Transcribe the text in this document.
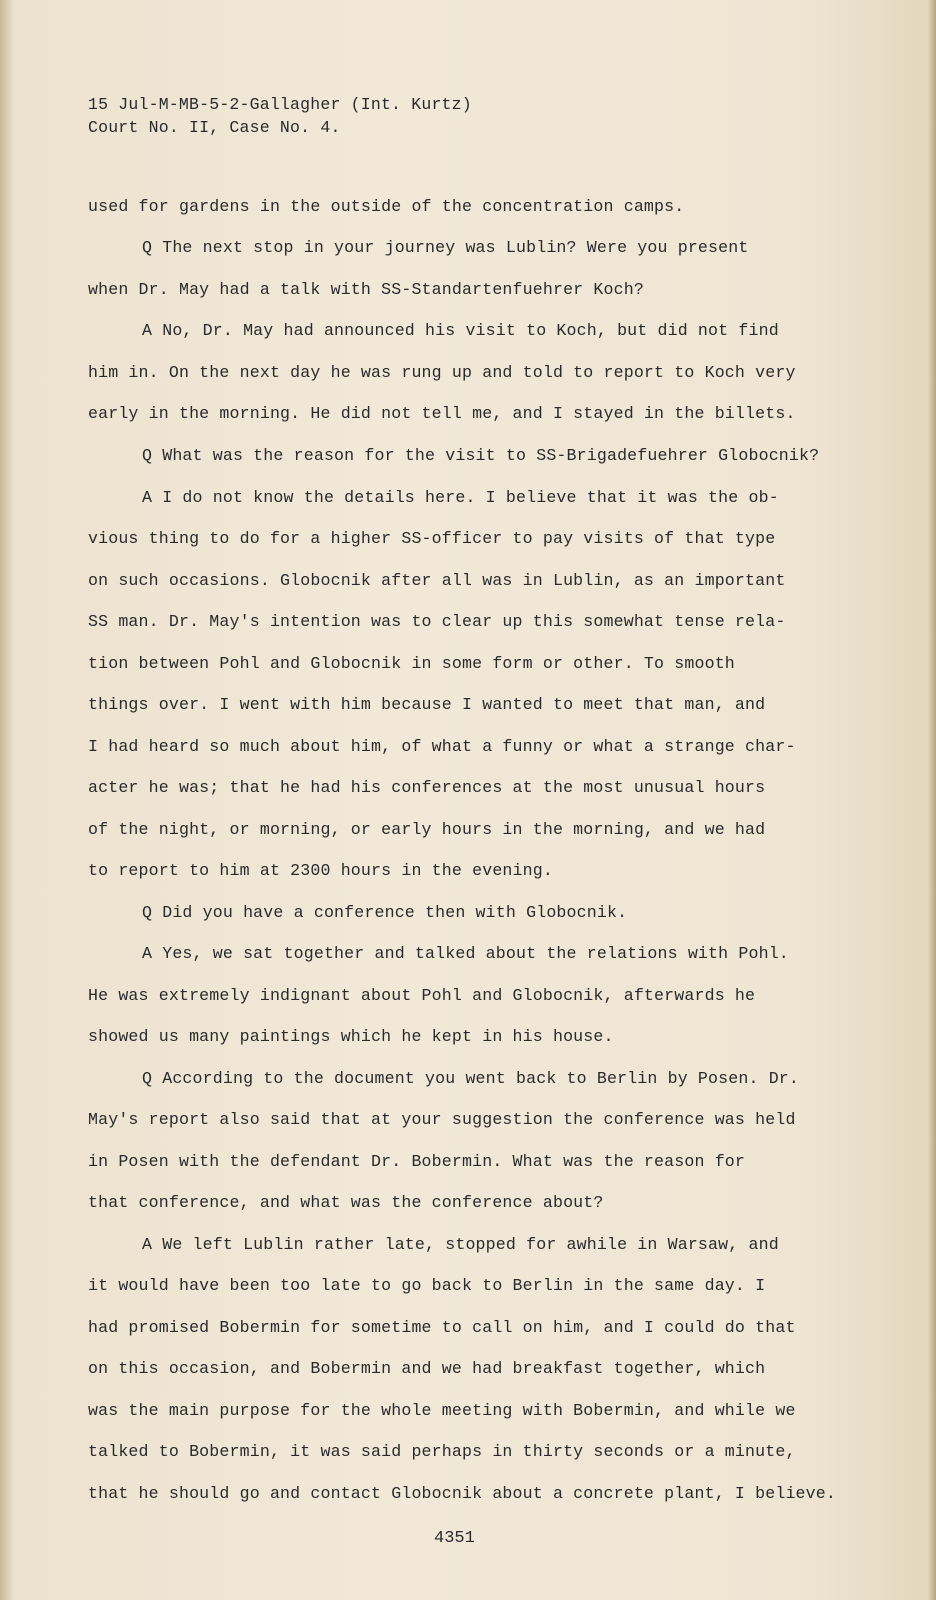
15 Jul-M-MB-5-2-Gallagher (Int. Kurtz)
Court No. II, Case No. 4.
used for gardens in the outside of the concentration camps.
Q The next stop in your journey was Lublin? Were you present
when Dr. May had a talk with SS-Standartenfuehrer Koch?
A No, Dr. May had announced his visit to Koch, but did not find
him in. On the next day he was rung up and told to report to Koch very
early in the morning. He did not tell me, and I stayed in the billets.
Q What was the reason for the visit to SS-Brigadefuehrer Globocnik?
A I do not know the details here. I believe that it was the ob-
vious thing to do for a higher SS-officer to pay visits of that type
on such occasions. Globocnik after all was in Lublin, as an important
SS man. Dr. May's intention was to clear up this somewhat tense rela-
tion between Pohl and Globocnik in some form or other. To smooth
things over. I went with him because I wanted to meet that man, and
I had heard so much about him, of what a funny or what a strange char-
acter he was; that he had his conferences at the most unusual hours
of the night, or morning, or early hours in the morning, and we had
to report to him at 2300 hours in the evening.
Q Did you have a conference then with Globocnik.
A Yes, we sat together and talked about the relations with Pohl.
He was extremely indignant about Pohl and Globocnik, afterwards he
showed us many paintings which he kept in his house.
Q According to the document you went back to Berlin by Posen. Dr.
May's report also said that at your suggestion the conference was held
in Posen with the defendant Dr. Bobermin. What was the reason for
that conference, and what was the conference about?
A We left Lublin rather late, stopped for awhile in Warsaw, and
it would have been too late to go back to Berlin in the same day. I
had promised Bobermin for sometime to call on him, and I could do that
on this occasion, and Bobermin and we had breakfast together, which
was the main purpose for the whole meeting with Bobermin, and while we
talked to Bobermin, it was said perhaps in thirty seconds or a minute,
that he should go and contact Globocnik about a concrete plant, I believe.
4351
